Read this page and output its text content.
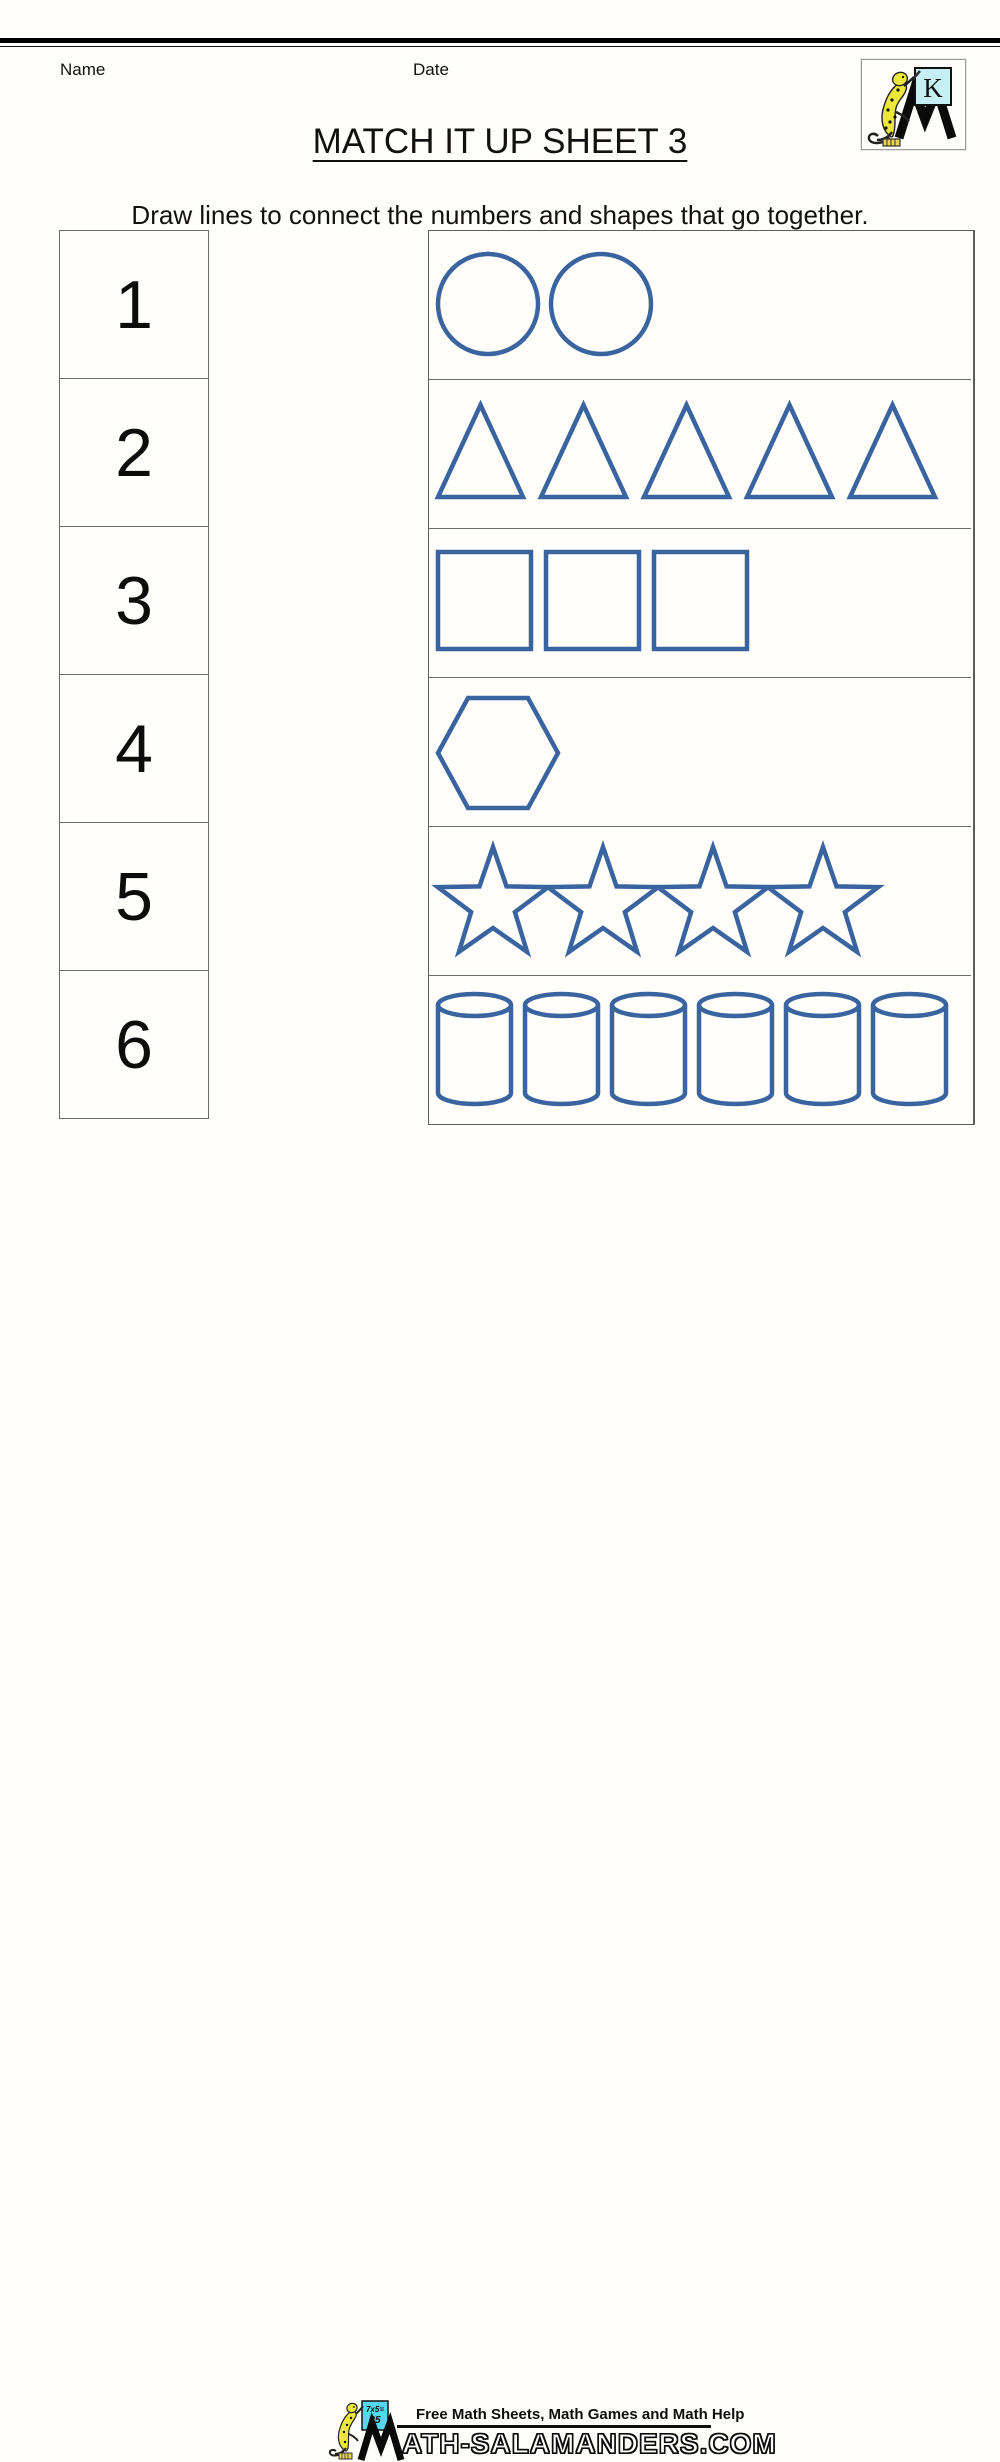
Name	Date
K
MATCH IT UP SHEET 3

Draw lines to connect the numbers and shapes that go together.

1
2
3
4
5
6
7x5=
35 Free Math Sheets, Math Games and Math Help
ATH-SALAMANDERS.COM
